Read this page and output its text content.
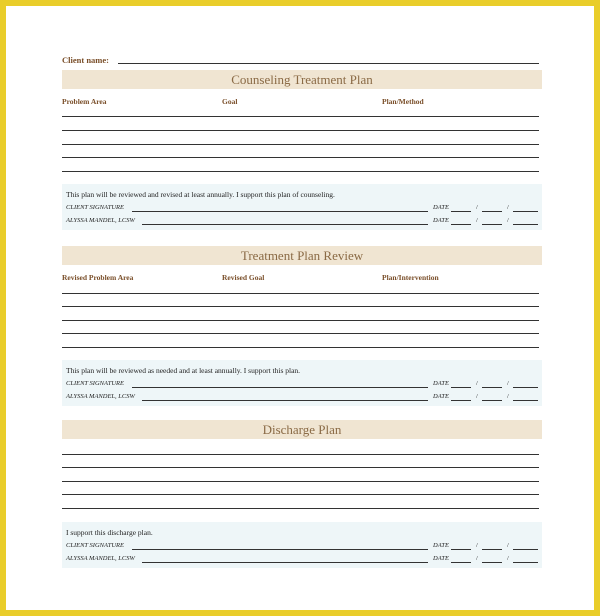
Client name:
Counseling Treatment Plan
Problem Area	Goal	Plan/Method
This plan will be reviewed and revised at least annually. I support this plan of counseling.
CLIENT SIGNATURE	DATE	/	/
ALYSSA MANDEL, LCSW	DATE	/	/
Treatment Plan Review
Revised Problem Area	Revised Goal	Plan/Intervention
This plan will be reviewed as needed and at least annually. I support this plan.
CLIENT SIGNATURE	DATE	/	/
ALYSSA MANDEL, LCSW	DATE	/	/
Discharge Plan
I support this discharge plan.
CLIENT SIGNATURE	DATE	/	/
ALYSSA MANDEL, LCSW	DATE	/	/
